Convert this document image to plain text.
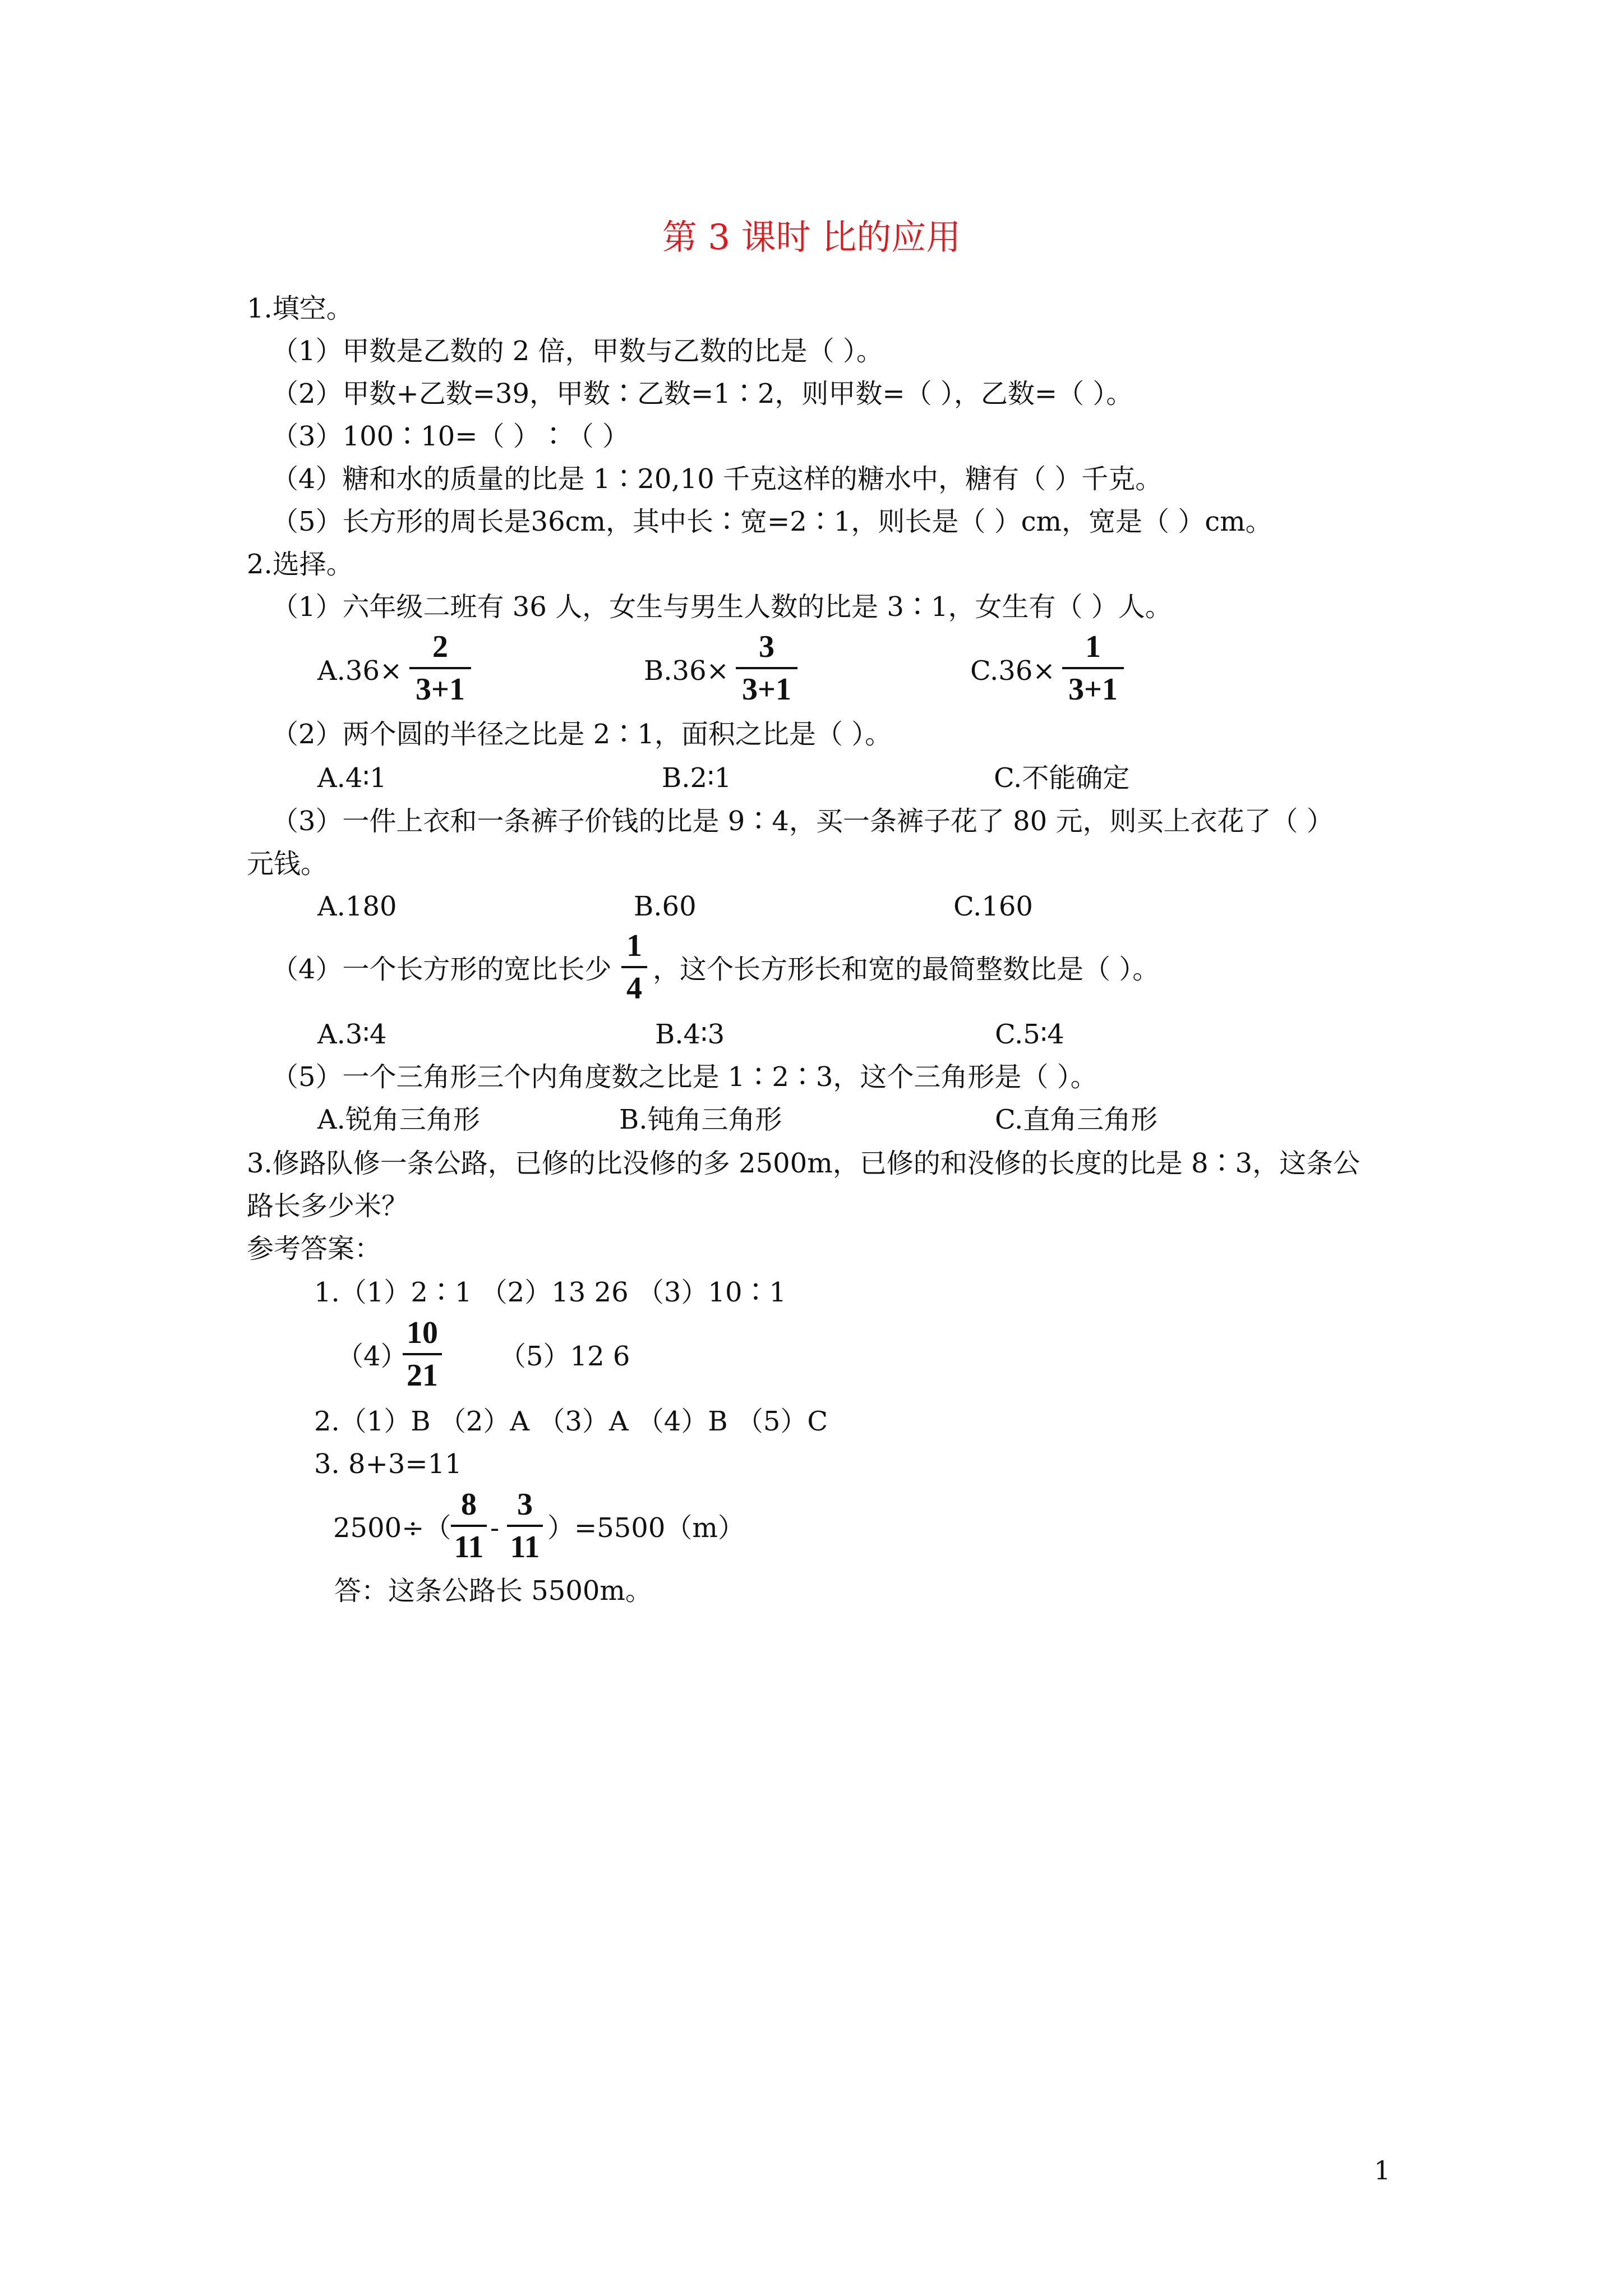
第 3 课时 比的应用
1.填空。
（1）甲数是乙数的 2 倍，甲数与乙数的比是（ ）。
（2）甲数+乙数=39，甲数∶乙数=1∶2，则甲数=（ ），乙数=（ ）。
（3）100∶10=（ ）∶（ ）
（4）糖和水的质量的比是 1∶20,10 千克这样的糖水中，糖有（ ）千克。
（5）长方形的周长是36cm，其中长∶宽=2∶1，则长是（ ）cm，宽是（ ）cm。
2.选择。
（1）六年级二班有 36 人，女生与男生人数的比是 3∶1，女生有（ ）人。
A.36×
2
3+1
B.36×
3
3+1
C.36×
1
3+1
（2）两个圆的半径之比是 2∶1，面积之比是（ ）。
A.4∶1	B.2∶1	C.不能确定
（3）一件上衣和一条裤子价钱的比是 9∶4，买一条裤子花了 80 元，则买上衣花了（ ）
元钱。
A.180	B.60	C.160
（4）一个长方形的宽比长少
1
4
，这个长方形长和宽的最简整数比是（ ）。
A.3∶4	B.4∶3	C.5∶4
（5）一个三角形三个内角度数之比是 1∶2∶3，这个三角形是（ ）。
A.锐角三角形	B.钝角三角形	C.直角三角形
3.修路队修一条公路，已修的比没修的多 2500m，已修的和没修的长度的比是 8∶3，这条公
路长多少米？
参考答案：
1.（1）2∶1 （2）13 26 （3）10∶1
（4）
10
21
（5）12 6
2.（1）B （2）A （3）A （4）B （5）C
3. 8+3=11
2500÷（
8
11
-
3
11
）=5500（m）
答：这条公路长 5500m。
1
